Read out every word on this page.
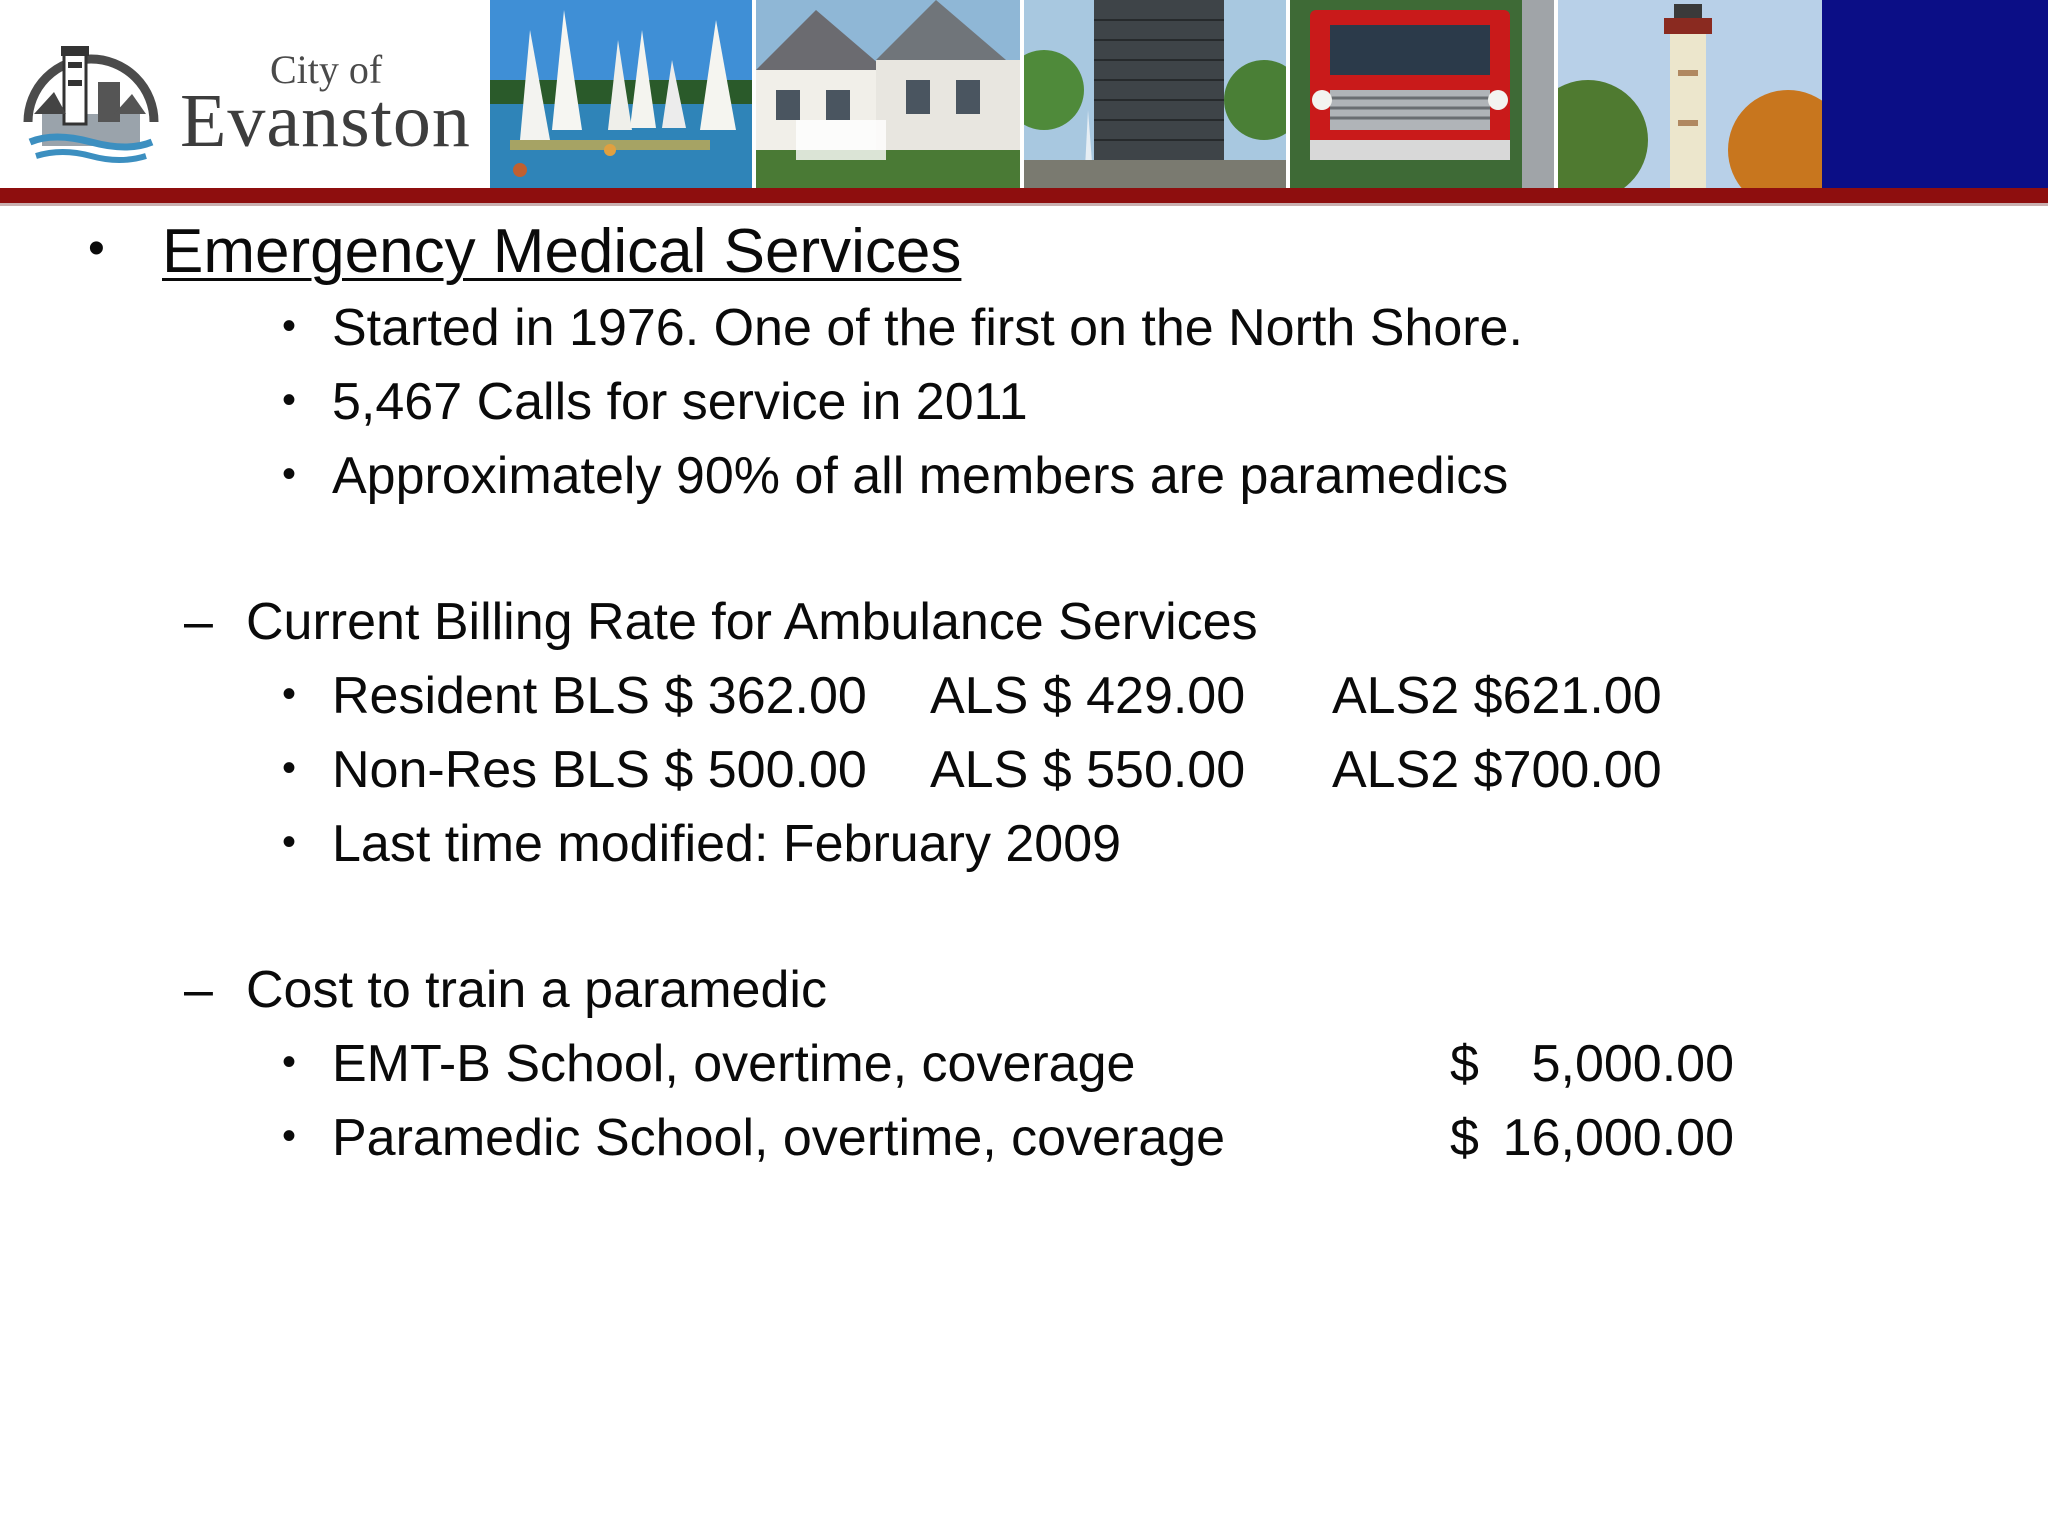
City of
Evanston
• Emergency Medical Services
• Started in 1976. One of the first on the North Shore.
• 5,467 Calls for service in 2011
• Approximately 90% of all members are paramedics
– Current Billing Rate for Ambulance Services
• Resident BLS $ 362.00 ALS $ 429.00 ALS2 $621.00
• Non-Res BLS $ 500.00 ALS $ 550.00 ALS2 $700.00
• Last time modified: February 2009
– Cost to train a paramedic
• EMT-B School, overtime, coverage	$ 5,000.00
• Paramedic School, overtime, coverage	$ 16,000.00
